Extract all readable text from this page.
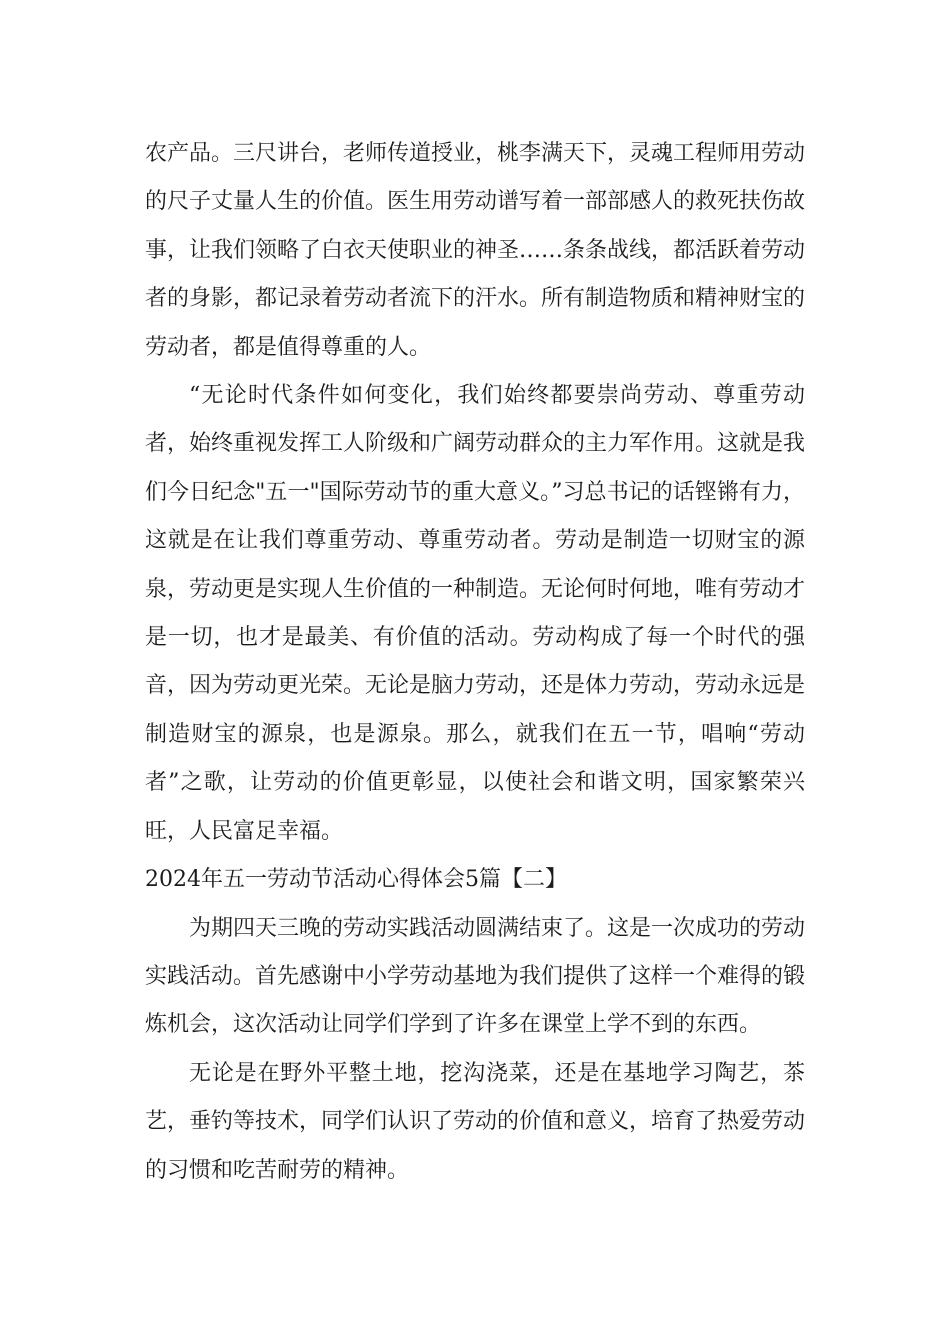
农产品。三尺讲台，老师传道授业，桃李满天下，灵魂工程师用劳动的尺子丈量人生的价值。医生用劳动谱写着一部部感人的救死扶伤故事，让我们领略了白衣天使职业的神圣……条条战线，都活跃着劳动者的身影，都记录着劳动者流下的汗水。所有制造物质和精神财宝的劳动者，都是值得尊重的人。

“无论时代条件如何变化，我们始终都要崇尚劳动、尊重劳动者，始终重视发挥工人阶级和广阔劳动群众的主力军作用。这就是我们今日纪念"五一"国际劳动节的重大意义。”习总书记的话铿锵有力，这就是在让我们尊重劳动、尊重劳动者。劳动是制造一切财宝的源泉，劳动更是实现人生价值的一种制造。无论何时何地，唯有劳动才是一切，也才是最美、有价值的活动。劳动构成了每一个时代的强音，因为劳动更光荣。无论是脑力劳动，还是体力劳动，劳动永远是制造财宝的源泉，也是源泉。那么，就我们在五一节，唱响“劳动者”之歌，让劳动的价值更彰显，以使社会和谐文明，国家繁荣兴旺，人民富足幸福。

2024年五一劳动节活动心得体会5篇【二】

为期四天三晚的劳动实践活动圆满结束了。这是一次成功的劳动实践活动。首先感谢中小学劳动基地为我们提供了这样一个难得的锻炼机会，这次活动让同学们学到了许多在课堂上学不到的东西。

无论是在野外平整土地，挖沟浇菜，还是在基地学习陶艺，茶艺，垂钓等技术，同学们认识了劳动的价值和意义，培育了热爱劳动的习惯和吃苦耐劳的精神。
